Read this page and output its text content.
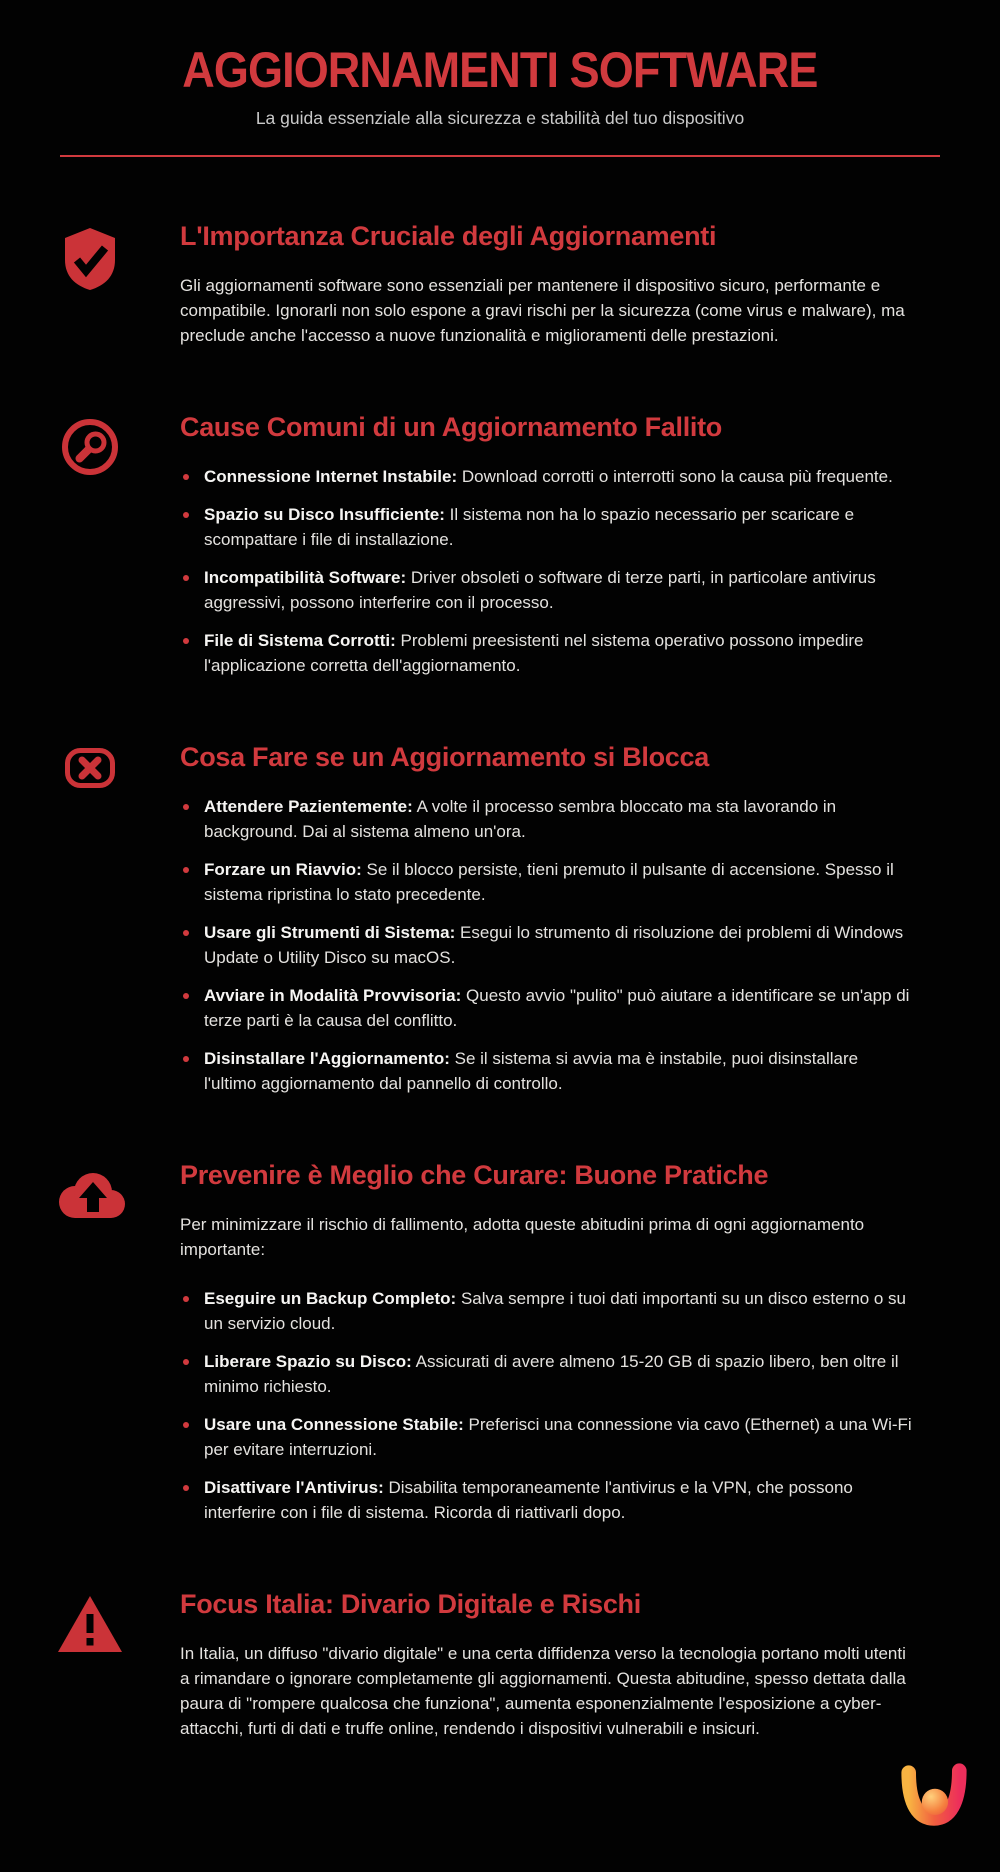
AGGIORNAMENTI SOFTWARE

La guida essenziale alla sicurezza e stabilità del tuo dispositivo

L'Importanza Cruciale degli Aggiornamenti

Gli aggiornamenti software sono essenziali per mantenere il dispositivo sicuro, performante e compatibile. Ignorarli non solo espone a gravi rischi per la sicurezza (come virus e malware), ma preclude anche l'accesso a nuove funzionalità e miglioramenti delle prestazioni.

Cause Comuni di un Aggiornamento Fallito
Connessione Internet Instabile: Download corrotti o interrotti sono la causa più frequente.
Spazio su Disco Insufficiente: Il sistema non ha lo spazio necessario per scaricare e scompattare i file di installazione.
Incompatibilità Software: Driver obsoleti o software di terze parti, in particolare antivirus aggressivi, possono interferire con il processo.
File di Sistema Corrotti: Problemi preesistenti nel sistema operativo possono impedire l'applicazione corretta dell'aggiornamento.
Cosa Fare se un Aggiornamento si Blocca
Attendere Pazientemente: A volte il processo sembra bloccato ma sta lavorando in background. Dai al sistema almeno un'ora.
Forzare un Riavvio: Se il blocco persiste, tieni premuto il pulsante di accensione. Spesso il sistema ripristina lo stato precedente.
Usare gli Strumenti di Sistema: Esegui lo strumento di risoluzione dei problemi di Windows Update o Utility Disco su macOS.
Avviare in Modalità Provvisoria: Questo avvio "pulito" può aiutare a identificare se un'app di terze parti è la causa del conflitto.
Disinstallare l'Aggiornamento: Se il sistema si avvia ma è instabile, puoi disinstallare l'ultimo aggiornamento dal pannello di controllo.
Prevenire è Meglio che Curare: Buone Pratiche

Per minimizzare il rischio di fallimento, adotta queste abitudini prima di ogni aggiornamento importante:

Eseguire un Backup Completo: Salva sempre i tuoi dati importanti su un disco esterno o su un servizio cloud.
Liberare Spazio su Disco: Assicurati di avere almeno 15-20 GB di spazio libero, ben oltre il minimo richiesto.
Usare una Connessione Stabile: Preferisci una connessione via cavo (Ethernet) a una Wi-Fi per evitare interruzioni.
Disattivare l'Antivirus: Disabilita temporaneamente l'antivirus e la VPN, che possono interferire con i file di sistema. Ricorda di riattivarli dopo.
Focus Italia: Divario Digitale e Rischi

In Italia, un diffuso "divario digitale" e una certa diffidenza verso la tecnologia portano molti utenti a rimandare o ignorare completamente gli aggiornamenti. Questa abitudine, spesso dettata dalla paura di "rompere qualcosa che funziona", aumenta esponenzialmente l'esposizione a cyber-attacchi, furti di dati e truffe online, rendendo i dispositivi vulnerabili e insicuri.
